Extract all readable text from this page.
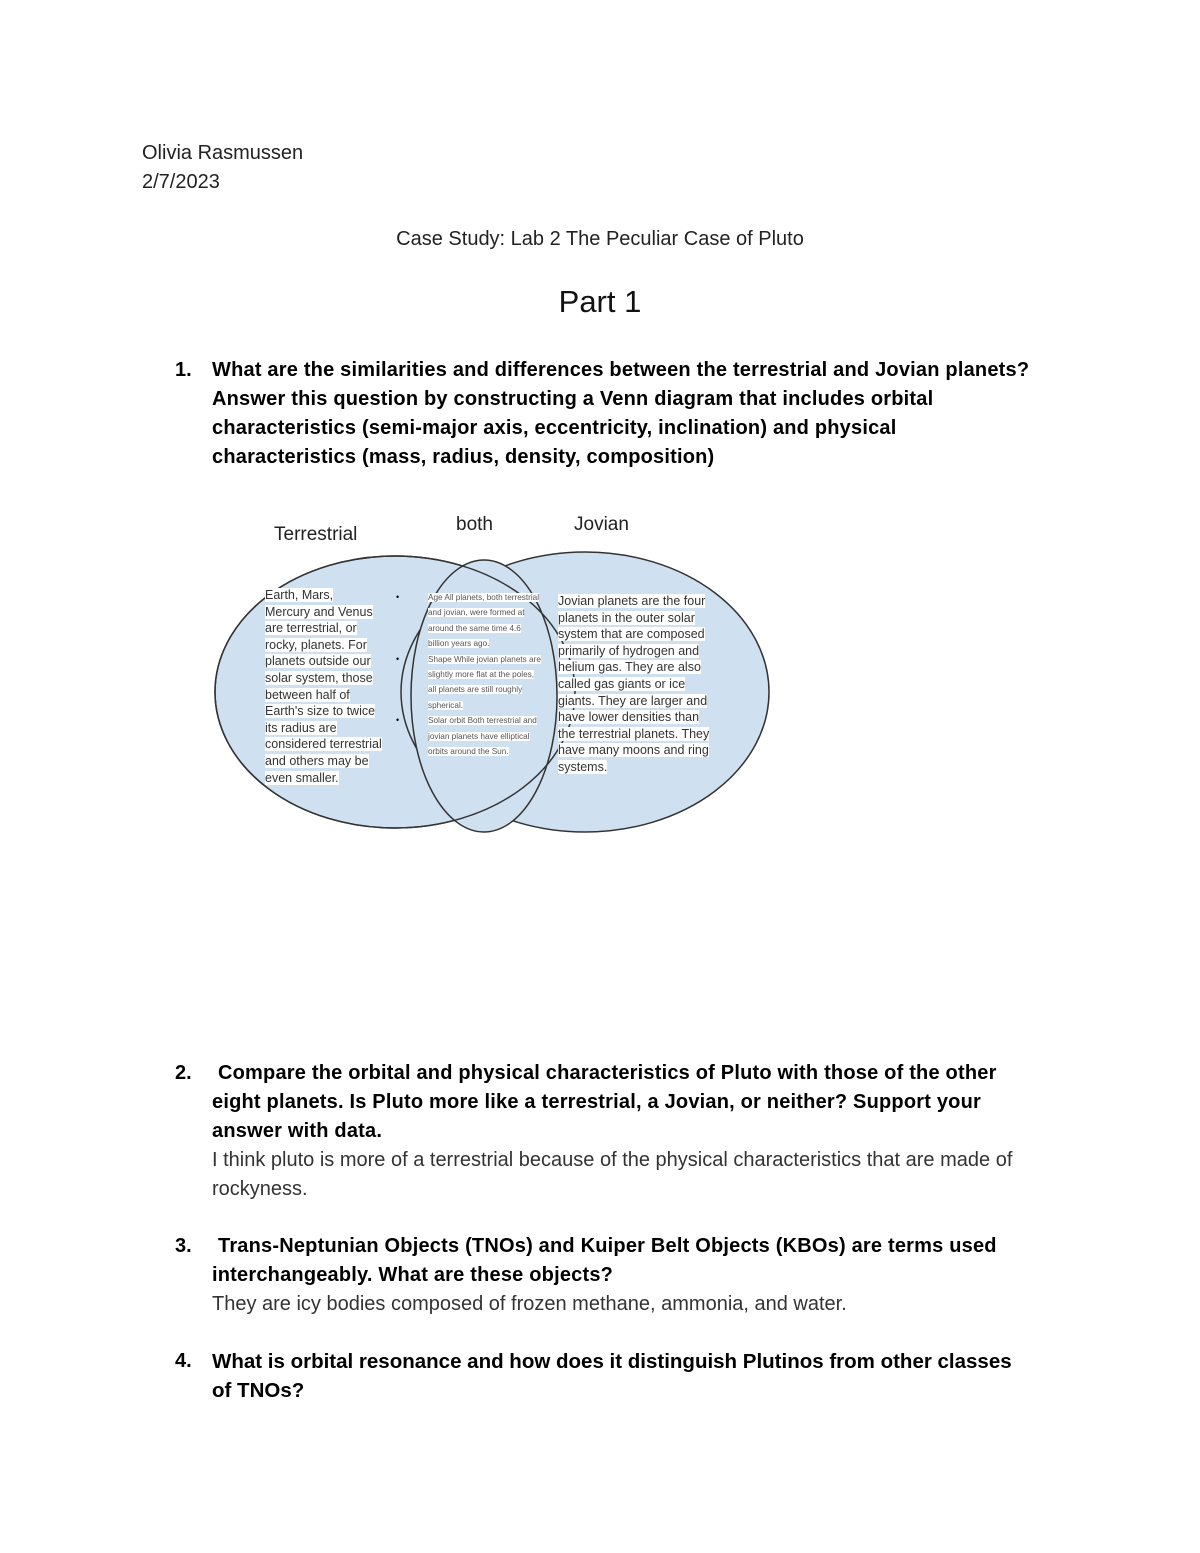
Olivia Rasmussen
2/7/2023
Case Study: Lab 2 The Peculiar Case of Pluto
Part 1
1. What are the similarities and differences between the terrestrial and Jovian planets? Answer this question by constructing a Venn diagram that includes orbital characteristics (semi-major axis, eccentricity, inclination) and physical characteristics (mass, radius, density, composition)
Terrestrial	both	Jovian
Earth, Mars,
Mercury and Venus
are terrestrial, or
rocky, planets. For
planets outside our
solar system, those
between half of
Earth's size to twice
its radius are
considered terrestrial
and others may be
even smaller.
•	Age All planets, both terrestrial
and jovian, were formed at
around the same time 4.6
billion years ago.
•	Shape While jovian planets are
slightly more flat at the poles,
all planets are still roughly
spherical.
•	Solar orbit Both terrestrial and
jovian planets have elliptical
orbits around the Sun.
Jovian planets are the four
planets in the outer solar
system that are composed
primarily of hydrogen and
helium gas. They are also
called gas giants or ice
giants. They are larger and
have lower densities than
the terrestrial planets. They
have many moons and ring
systems.
2.	Compare the orbital and physical characteristics of Pluto with those of the other eight planets. Is Pluto more like a terrestrial, a Jovian, or neither? Support your answer with data.
I think pluto is more of a terrestrial because of the physical characteristics that are made of rockyness.
3.	Trans-Neptunian Objects (TNOs) and Kuiper Belt Objects (KBOs) are terms used interchangeably. What are these objects?
They are icy bodies composed of frozen methane, ammonia, and water.
4. What is orbital resonance and how does it distinguish Plutinos from other classes of TNOs?
